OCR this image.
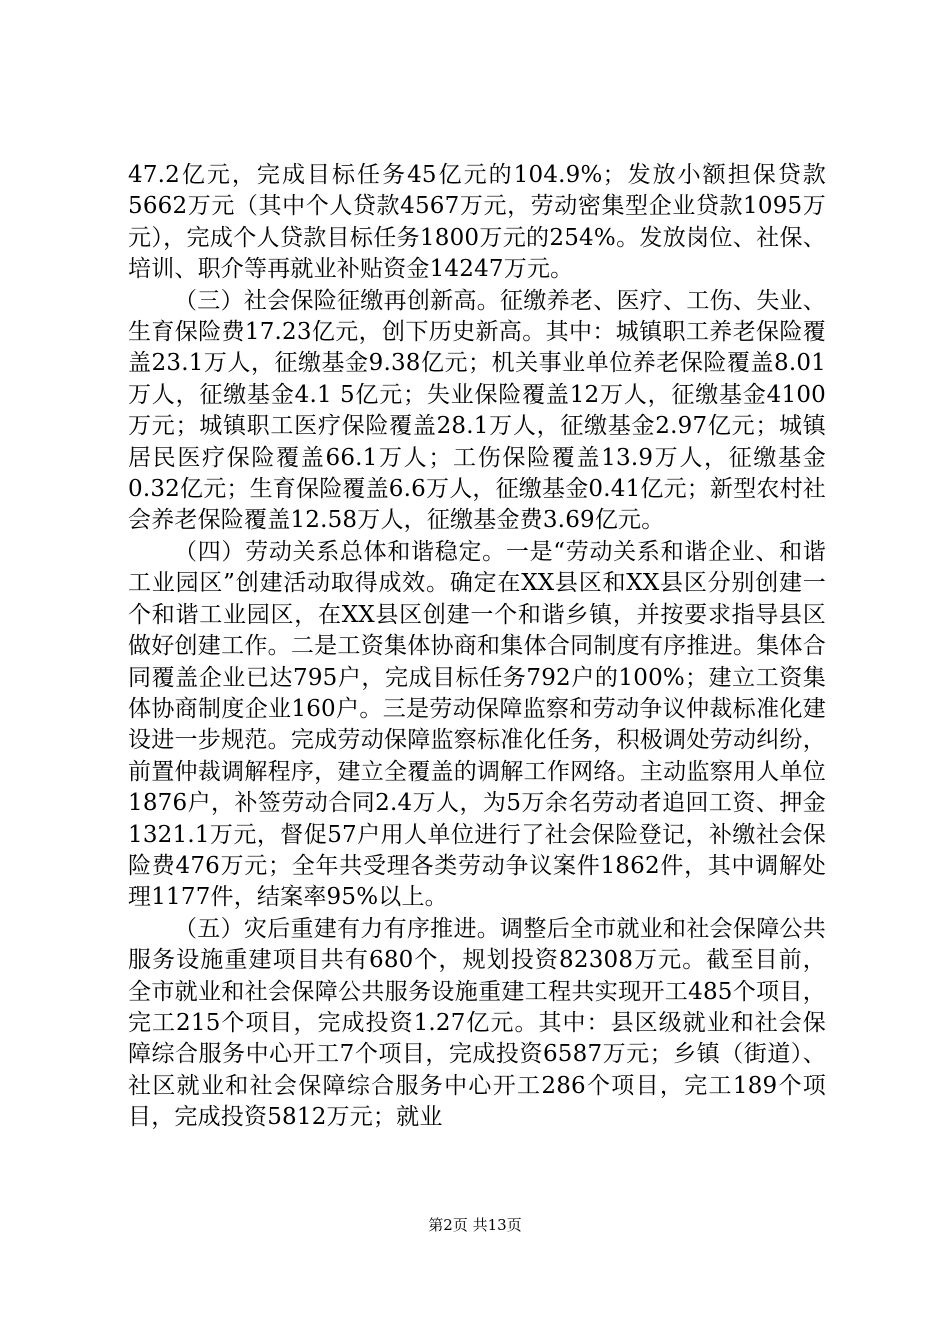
47.2亿元，完成目标任务45亿元的104.9%；发放小额担保贷款5662万元（其中个人贷款4567万元，劳动密集型企业贷款1095万元），完成个人贷款目标任务1800万元的254%。发放岗位、社保、培训、职介等再就业补贴资金14247万元。

（三）社会保险征缴再创新高。征缴养老、医疗、工伤、失业、生育保险费17.23亿元，创下历史新高。其中：城镇职工养老保险覆盖23.1万人，征缴基金9.38亿元；机关事业单位养老保险覆盖8.01万人，征缴基金4.1 5亿元；失业保险覆盖12万人，征缴基金4100万元；城镇职工医疗保险覆盖28.1万人，征缴基金2.97亿元；城镇居民医疗保险覆盖66.1万人；工伤保险覆盖13.9万人，征缴基金0.32亿元；生育保险覆盖6.6万人，征缴基金0.41亿元；新型农村社会养老保险覆盖12.58万人，征缴基金费3.69亿元。

（四）劳动关系总体和谐稳定。一是“劳动关系和谐企业、和谐工业园区”创建活动取得成效。确定在XX县区和XX县区分别创建一个和谐工业园区，在XX县区创建一个和谐乡镇，并按要求指导县区做好创建工作。二是工资集体协商和集体合同制度有序推进。集体合同覆盖企业已达795户，完成目标任务792户的100%；建立工资集体协商制度企业160户。三是劳动保障监察和劳动争议仲裁标准化建设进一步规范。完成劳动保障监察标准化任务，积极调处劳动纠纷，前置仲裁调解程序，建立全覆盖的调解工作网络。主动监察用人单位1876户，补签劳动合同2.4万人，为5万余名劳动者追回工资、押金1321.1万元，督促57户用人单位进行了社会保险登记，补缴社会保险费476万元；全年共受理各类劳动争议案件1862件，其中调解处理1177件，结案率95%以上。

（五）灾后重建有力有序推进。调整后全市就业和社会保障公共服务设施重建项目共有680个，规划投资82308万元。截至目前，全市就业和社会保障公共服务设施重建工程共实现开工485个项目，完工215个项目，完成投资1.27亿元。其中：县区级就业和社会保障综合服务中心开工7个项目，完成投资6587万元；乡镇（街道）、社区就业和社会保障综合服务中心开工286个项目，完工189个项目，完成投资5812万元；就业

第2页 共13页
